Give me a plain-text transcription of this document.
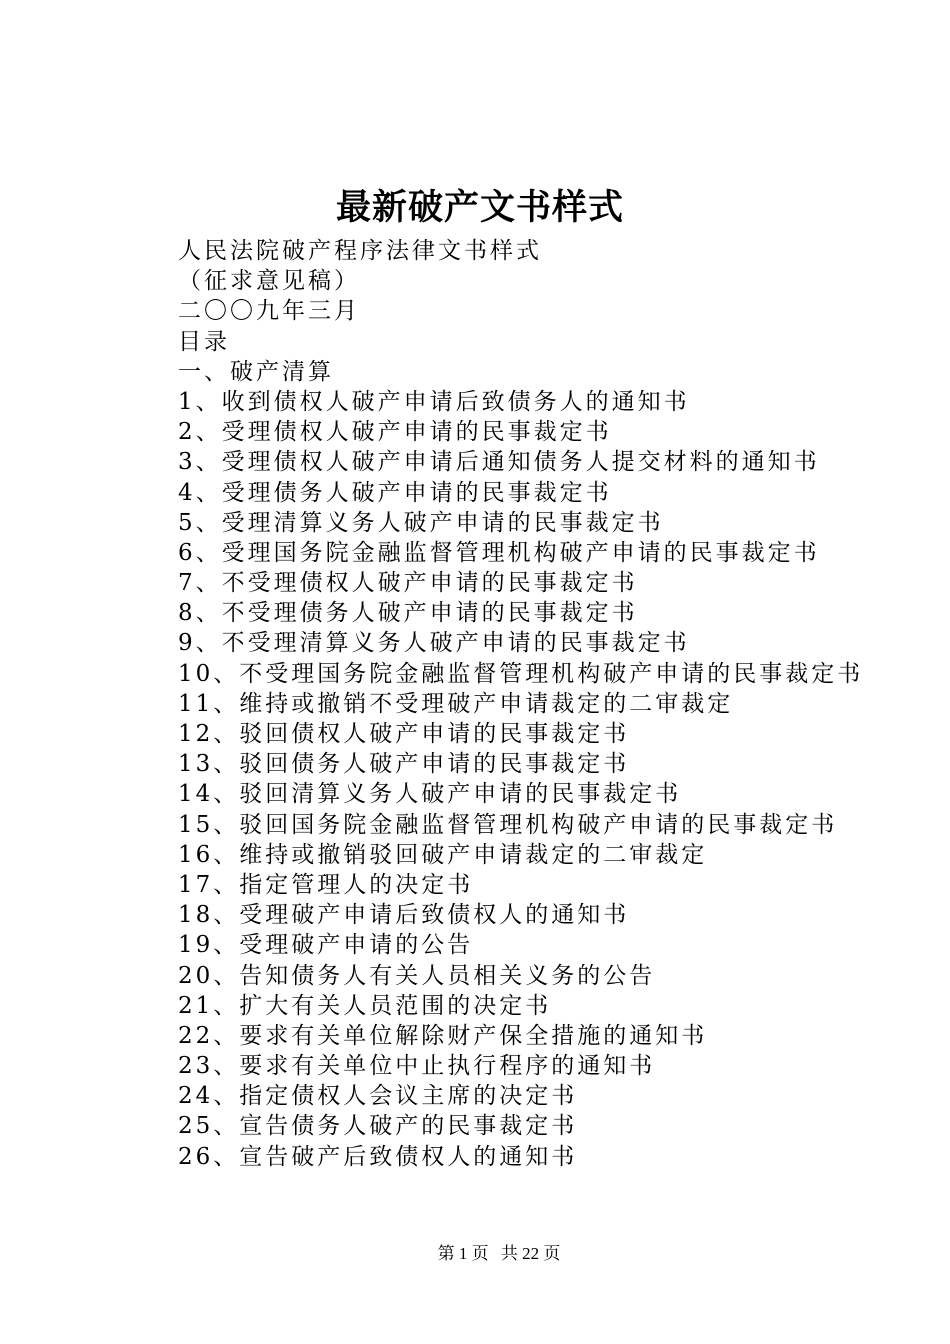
最新破产文书样式
人民法院破产程序法律文书样式
（征求意见稿）
二〇〇九年三月
目录
一、破产清算
1、收到债权人破产申请后致债务人的通知书
2、受理债权人破产申请的民事裁定书
3、受理债权人破产申请后通知债务人提交材料的通知书
4、受理债务人破产申请的民事裁定书
5、受理清算义务人破产申请的民事裁定书
6、受理国务院金融监督管理机构破产申请的民事裁定书
7、不受理债权人破产申请的民事裁定书
8、不受理债务人破产申请的民事裁定书
9、不受理清算义务人破产申请的民事裁定书
10、不受理国务院金融监督管理机构破产申请的民事裁定书
11、维持或撤销不受理破产申请裁定的二审裁定
12、驳回债权人破产申请的民事裁定书
13、驳回债务人破产申请的民事裁定书
14、驳回清算义务人破产申请的民事裁定书
15、驳回国务院金融监督管理机构破产申请的民事裁定书
16、维持或撤销驳回破产申请裁定的二审裁定
17、指定管理人的决定书
18、受理破产申请后致债权人的通知书
19、受理破产申请的公告
20、告知债务人有关人员相关义务的公告
21、扩大有关人员范围的决定书
22、要求有关单位解除财产保全措施的通知书
23、要求有关单位中止执行程序的通知书
24、指定债权人会议主席的决定书
25、宣告债务人破产的民事裁定书
26、宣告破产后致债权人的通知书
第 1 页 共 22 页
